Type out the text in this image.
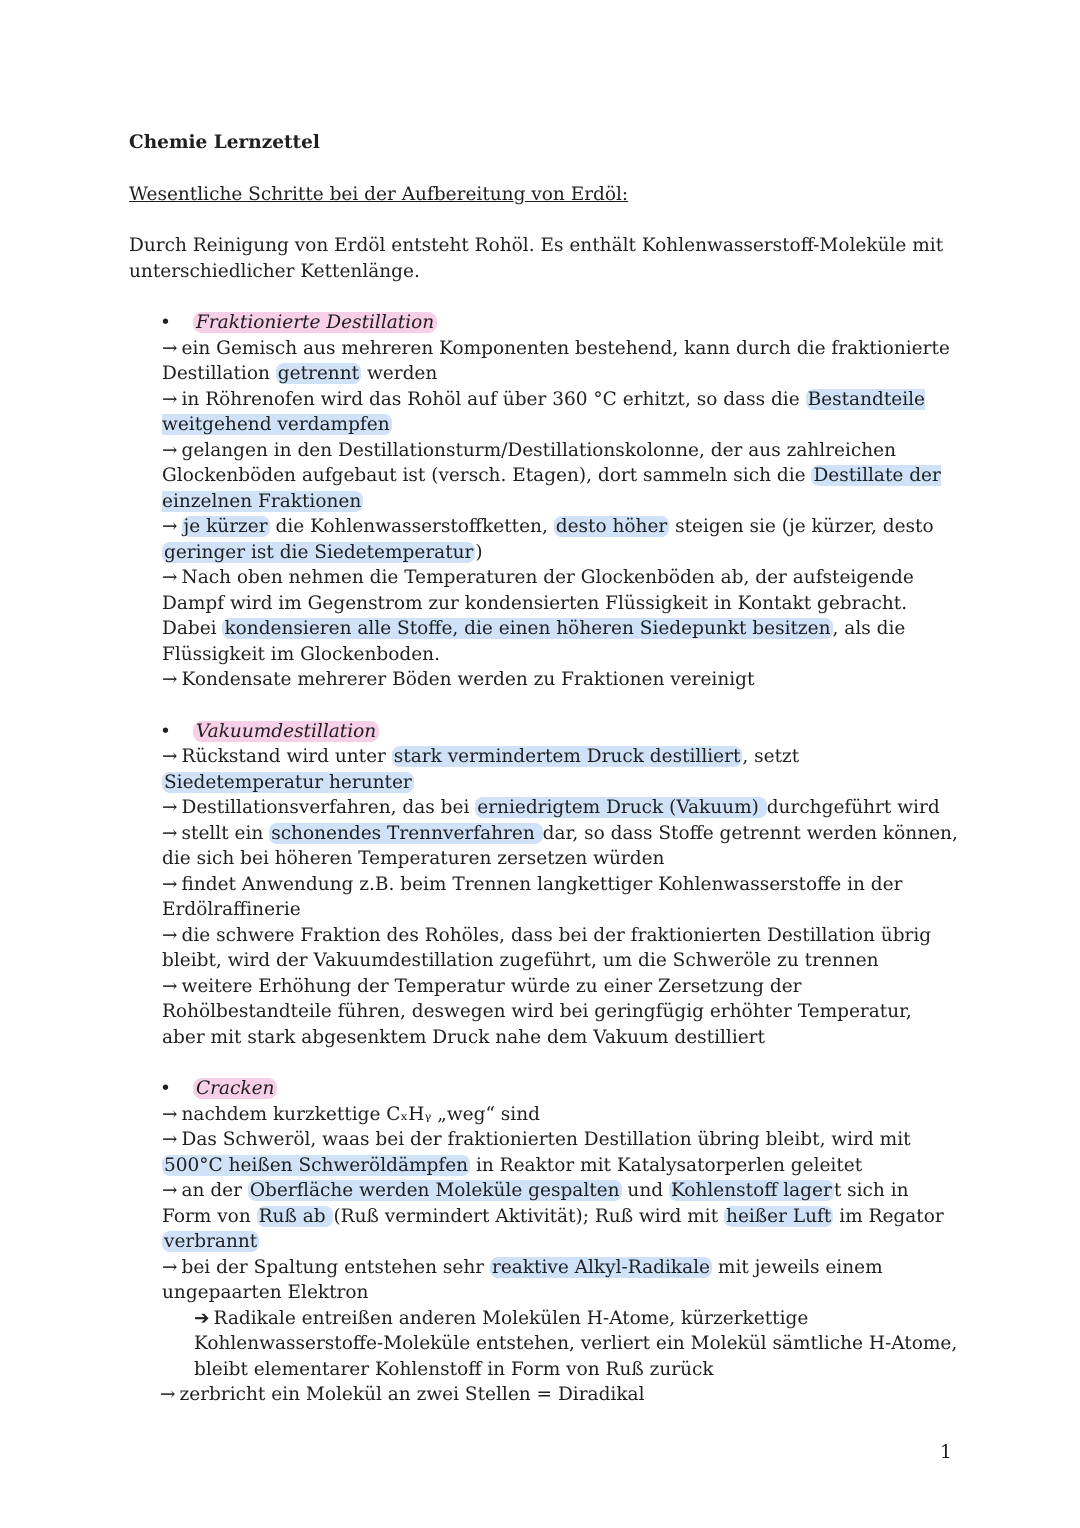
Chemie Lernzettel

Wesentliche Schritte bei der Aufbereitung von Erdöl:

Durch Reinigung von Erdöl entsteht Rohöl. Es enthält Kohlenwasserstoff-Moleküle mit unterschiedlicher Kettenlänge.

•	Fraktionierte Destillation

→ ein Gemisch aus mehreren Komponenten bestehend, kann durch die fraktionierte Destillation getrennt werden

→ in Röhrenofen wird das Rohöl auf über 360 °C erhitzt, so dass die Bestandteile weitgehend verdampfen

→ gelangen in den Destillationsturm/Destillationskolonne, der aus zahlreichen Glockenböden aufgebaut ist (versch. Etagen), dort sammeln sich die Destillate der einzelnen Fraktionen

→ je kürzer die Kohlenwasserstoffketten, desto höher steigen sie (je kürzer, desto geringer ist die Siedetemperatur )

→ Nach oben nehmen die Temperaturen der Glockenböden ab, der aufsteigende Dampf wird im Gegenstrom zur kondensierten Flüssigkeit in Kontakt gebracht. Dabei kondensieren alle Stoffe, die einen höheren Siedepunkt besitzen , als die Flüssigkeit im Glockenboden.

→ Kondensate mehrerer Böden werden zu Fraktionen vereinigt

•	Vakuumdestillation

→ Rückstand wird unter stark vermindertem Druck destilliert , setzt Siedetemperatur herunter

→ Destillationsverfahren, das bei erniedrigtem Druck (Vakuum) durchgeführt wird

→ stellt ein schonendes Trennverfahren dar, so dass Stoffe getrennt werden können, die sich bei höheren Temperaturen zersetzen würden

→ findet Anwendung z.B. beim Trennen langkettiger Kohlenwasserstoffe in der Erdölraffinerie

→ die schwere Fraktion des Rohöles, dass bei der fraktionierten Destillation übrig bleibt, wird der Vakuumdestillation zugeführt, um die Schweröle zu trennen

→ weitere Erhöhung der Temperatur würde zu einer Zersetzung der Rohölbestandteile führen, deswegen wird bei geringfügig erhöhter Temperatur, aber mit stark abgesenktem Druck nahe dem Vakuum destilliert

•	Cracken

→ nachdem kurzkettige CₓHᵧ „weg“ sind

→ Das Schweröl, waas bei der fraktionierten Destillation übring bleibt, wird mit 500°C heißen Schweröldämpfen in Reaktor mit Katalysatorperlen geleitet

→ an der Oberfläche werden Moleküle gespalten und Kohlenstoff lager t sich in Form von Ruß ab (Ruß vermindert Aktivität); Ruß wird mit heißer Luft im Regator verbrannt

→ bei der Spaltung entstehen sehr reaktive Alkyl-Radikale mit jeweils einem ungepaarten Elektron

➔ Radikale entreißen anderen Molekülen H-Atome, kürzerkettige Kohlenwasserstoffe-Moleküle entstehen, verliert ein Molekül sämtliche H-Atome, bleibt elementarer Kohlenstoff in Form von Ruß zurück

→ zerbricht ein Molekül an zwei Stellen = Diradikal

1
